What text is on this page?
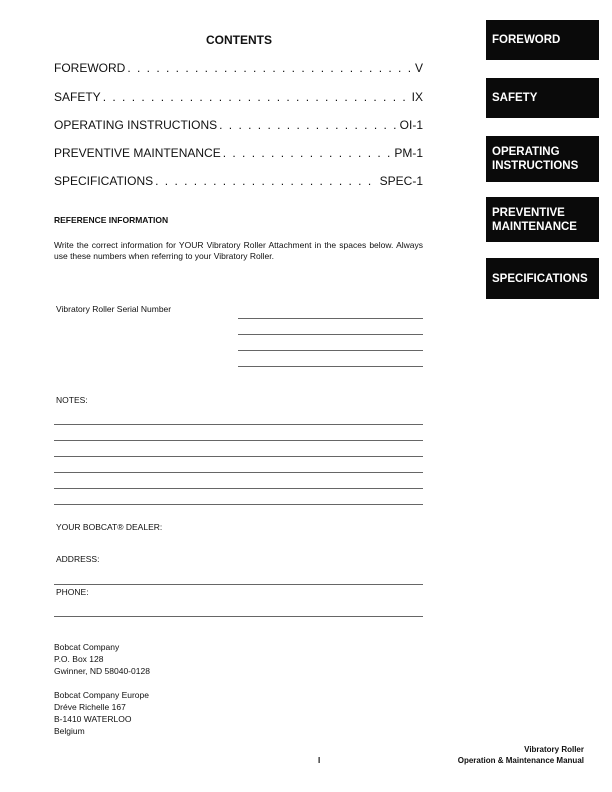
CONTENTS
FOREWORD . . .	V
SAFETY . . .	IX
OPERATING INSTRUCTIONS . . .	OI-1
PREVENTIVE MAINTENANCE . . .	PM-1
SPECIFICATIONS . . .	SPEC-1
FOREWORD
SAFETY
OPERATING
INSTRUCTIONS
PREVENTIVE
MAINTENANCE
SPECIFICATIONS
REFERENCE INFORMATION
Write the correct information for YOUR Vibratory Roller Attachment in the spaces below. Always use these numbers when referring to your Vibratory Roller.
Vibratory Roller Serial Number
NOTES:
YOUR BOBCAT® DEALER:
ADDRESS:
PHONE:
Bobcat Company
P.O. Box 128
Gwinner, ND 58040-0128
Bobcat Company Europe
Dréve Richelle 167
B-1410 WATERLOO
Belgium
I
Vibratory Roller
Operation & Maintenance Manual
